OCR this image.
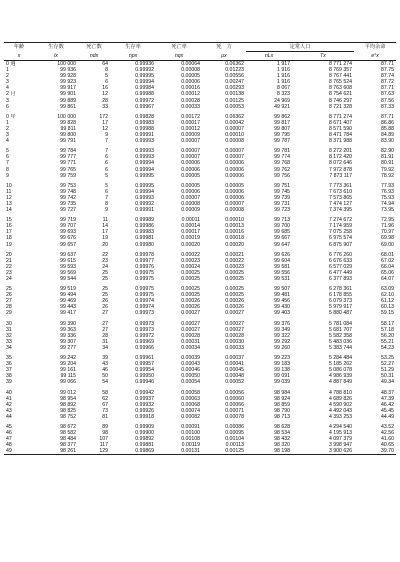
年齢	生存数	死亡数	生存率	死亡率	死　力	定常人口		平均余命
x	lx	ndx	npx	nqx	μx	nLx	Tx	e°x
0 週	100 000	64	0.99936	0.00064	0.06362	1 917	8 771 274	87.71
1	99 936	8	0.99992	0.00008	0.01223	1 916	8 769 357	87.75
2	99 928	5	0.99995	0.00005	0.00556	1 916	8 767 441	87.74
3	99 923	6	0.99994	0.00006	0.00247	1 916	8 765 524	87.72
4	99 917	16	0.99984	0.00016	0.00293	8 067	8 763 608	87.71
2 月	99 901	12	0.99988	0.00012	0.00138	8 323	8 754 621	87.63
3	99 889	28	0.99972	0.00028	0.00125	24 969	8 746 297	87.56
6	99 861	33	0.99967	0.00033	0.00053	49 921	8 721 328	87.33

0 年	100 000	172	0.99828	0.00172	0.06362	99 862	8 771 274	87.71
1	99 828	17	0.99983	0.00017	0.00042	99 817	8 671 407	86.86
2	99 811	12	0.99988	0.00012	0.00007	99 807	8 571 590	85.88
3	99 800	9	0.99991	0.00009	0.00010	99 795	8 471 784	84.89
4	99 791	7	0.99993	0.00007	0.00008	99 787	8 371 988	83.90

5	99 784	7	0.99993	0.00007	0.00007	99 781	8 272 201	82.90
6	99 777	6	0.99993	0.00007	0.00007	99 774	8 172 420	81.91
7	99 771	6	0.99994	0.00006	0.00006	99 768	8 072 646	80.91
8	99 765	6	0.99994	0.00006	0.00006	99 762	7 972 878	79.92
9	99 759	5	0.99995	0.00005	0.00006	99 756	7 873 117	78.92

10	99 753	5	0.99995	0.00005	0.00005	99 751	7 773 361	77.93
11	99 748	6	0.99994	0.00006	0.00006	99 745	7 673 610	76.93
12	99 742	7	0.99993	0.00007	0.00006	99 739	7 573 865	75.93
13	99 735	8	0.99992	0.00008	0.00007	99 731	7 474 127	74.94
14	99 727	9	0.99991	0.00009	0.00008	99 723	7 374 395	73.95

15	99 719	11	0.99989	0.00011	0.00010	99 713	7 274 672	72.95
16	99 707	14	0.99986	0.00014	0.00013	99 700	7 174 959	71.96
17	99 693	17	0.99983	0.00017	0.00016	99 685	7 075 258	70.97
18	99 676	19	0.99981	0.00019	0.00018	99 667	6 975 574	69.98
19	99 657	20	0.99980	0.00020	0.00020	99 647	6 875 907	69.00

20	99 637	22	0.99978	0.00022	0.00021	99 626	6 776 260	68.01
21	99 615	23	0.99977	0.00023	0.00022	99 604	6 676 633	67.02
22	99 593	24	0.99976	0.00024	0.00023	99 581	6 577 029	66.04
23	99 569	25	0.99975	0.00025	0.00025	99 556	6 477 449	65.06
24	99 544	25	0.99975	0.00025	0.00025	99 531	6 377 893	64.07

25	99 519	25	0.99975	0.00025	0.00025	99 507	6 278 361	63.09
26	99 494	25	0.99975	0.00025	0.00025	99 481	6 178 855	62.10
27	99 469	26	0.99974	0.00026	0.00026	99 456	6 079 373	61.12
28	99 443	26	0.99974	0.00026	0.00026	99 430	5 979 917	60.13
29	99 417	27	0.99973	0.00027	0.00027	99 403	5 880 487	59.15

30	99 390	27	0.99973	0.00027	0.00027	99 376	5 781 084	58.17
31	99 363	27	0.99973	0.00027	0.00027	99 349	5 681 707	57.18
32	99 336	28	0.99972	0.00028	0.00028	99 322	5 582 358	56.20
33	99 307	31	0.99969	0.00031	0.00030	99 292	5 483 036	55.21
34	99 277	34	0.99966	0.00034	0.00033	99 260	5 383 744	54.23

35	99 242	39	0.99961	0.00039	0.00037	99 223	5 284 484	53.25
36	99 204	43	0.99957	0.00043	0.00041	99 183	5 185 262	52.27
37	99 161	46	0.99954	0.00046	0.00045	99 138	5 086 078	51.29
38	99 115	50	0.99950	0.00050	0.00048	99 091	4 986 939	50.31
39	99 066	54	0.99946	0.00054	0.00052	99 039	4 887 849	49.34

40	99 012	58	0.99942	0.00058	0.00056	98 984	4 788 810	48.37
41	98 954	62	0.99937	0.00063	0.00060	98 924	4 689 826	47.39
42	98 892	67	0.99932	0.00068	0.00066	98 859	4 590 902	46.42
43	98 825	73	0.99926	0.00074	0.00071	98 790	4 492 043	45.45
44	98 752	81	0.99918	0.00082	0.00078	98 713	4 393 253	44.49

45	98 672	89	0.99909	0.00091	0.00086	98 628	4 294 540	43.52
46	98 582	98	0.99900	0.00100	0.00095	98 534	4 195 913	42.56
47	98 484	107	0.99892	0.00108	0.00104	98 432	4 097 379	41.60
48	98 377	117	0.99881	0.00119	0.00113	98 320	3 998 947	40.65
49	98 261	129	0.99869	0.00131	0.00125	98 198	3 900 626	39.70
